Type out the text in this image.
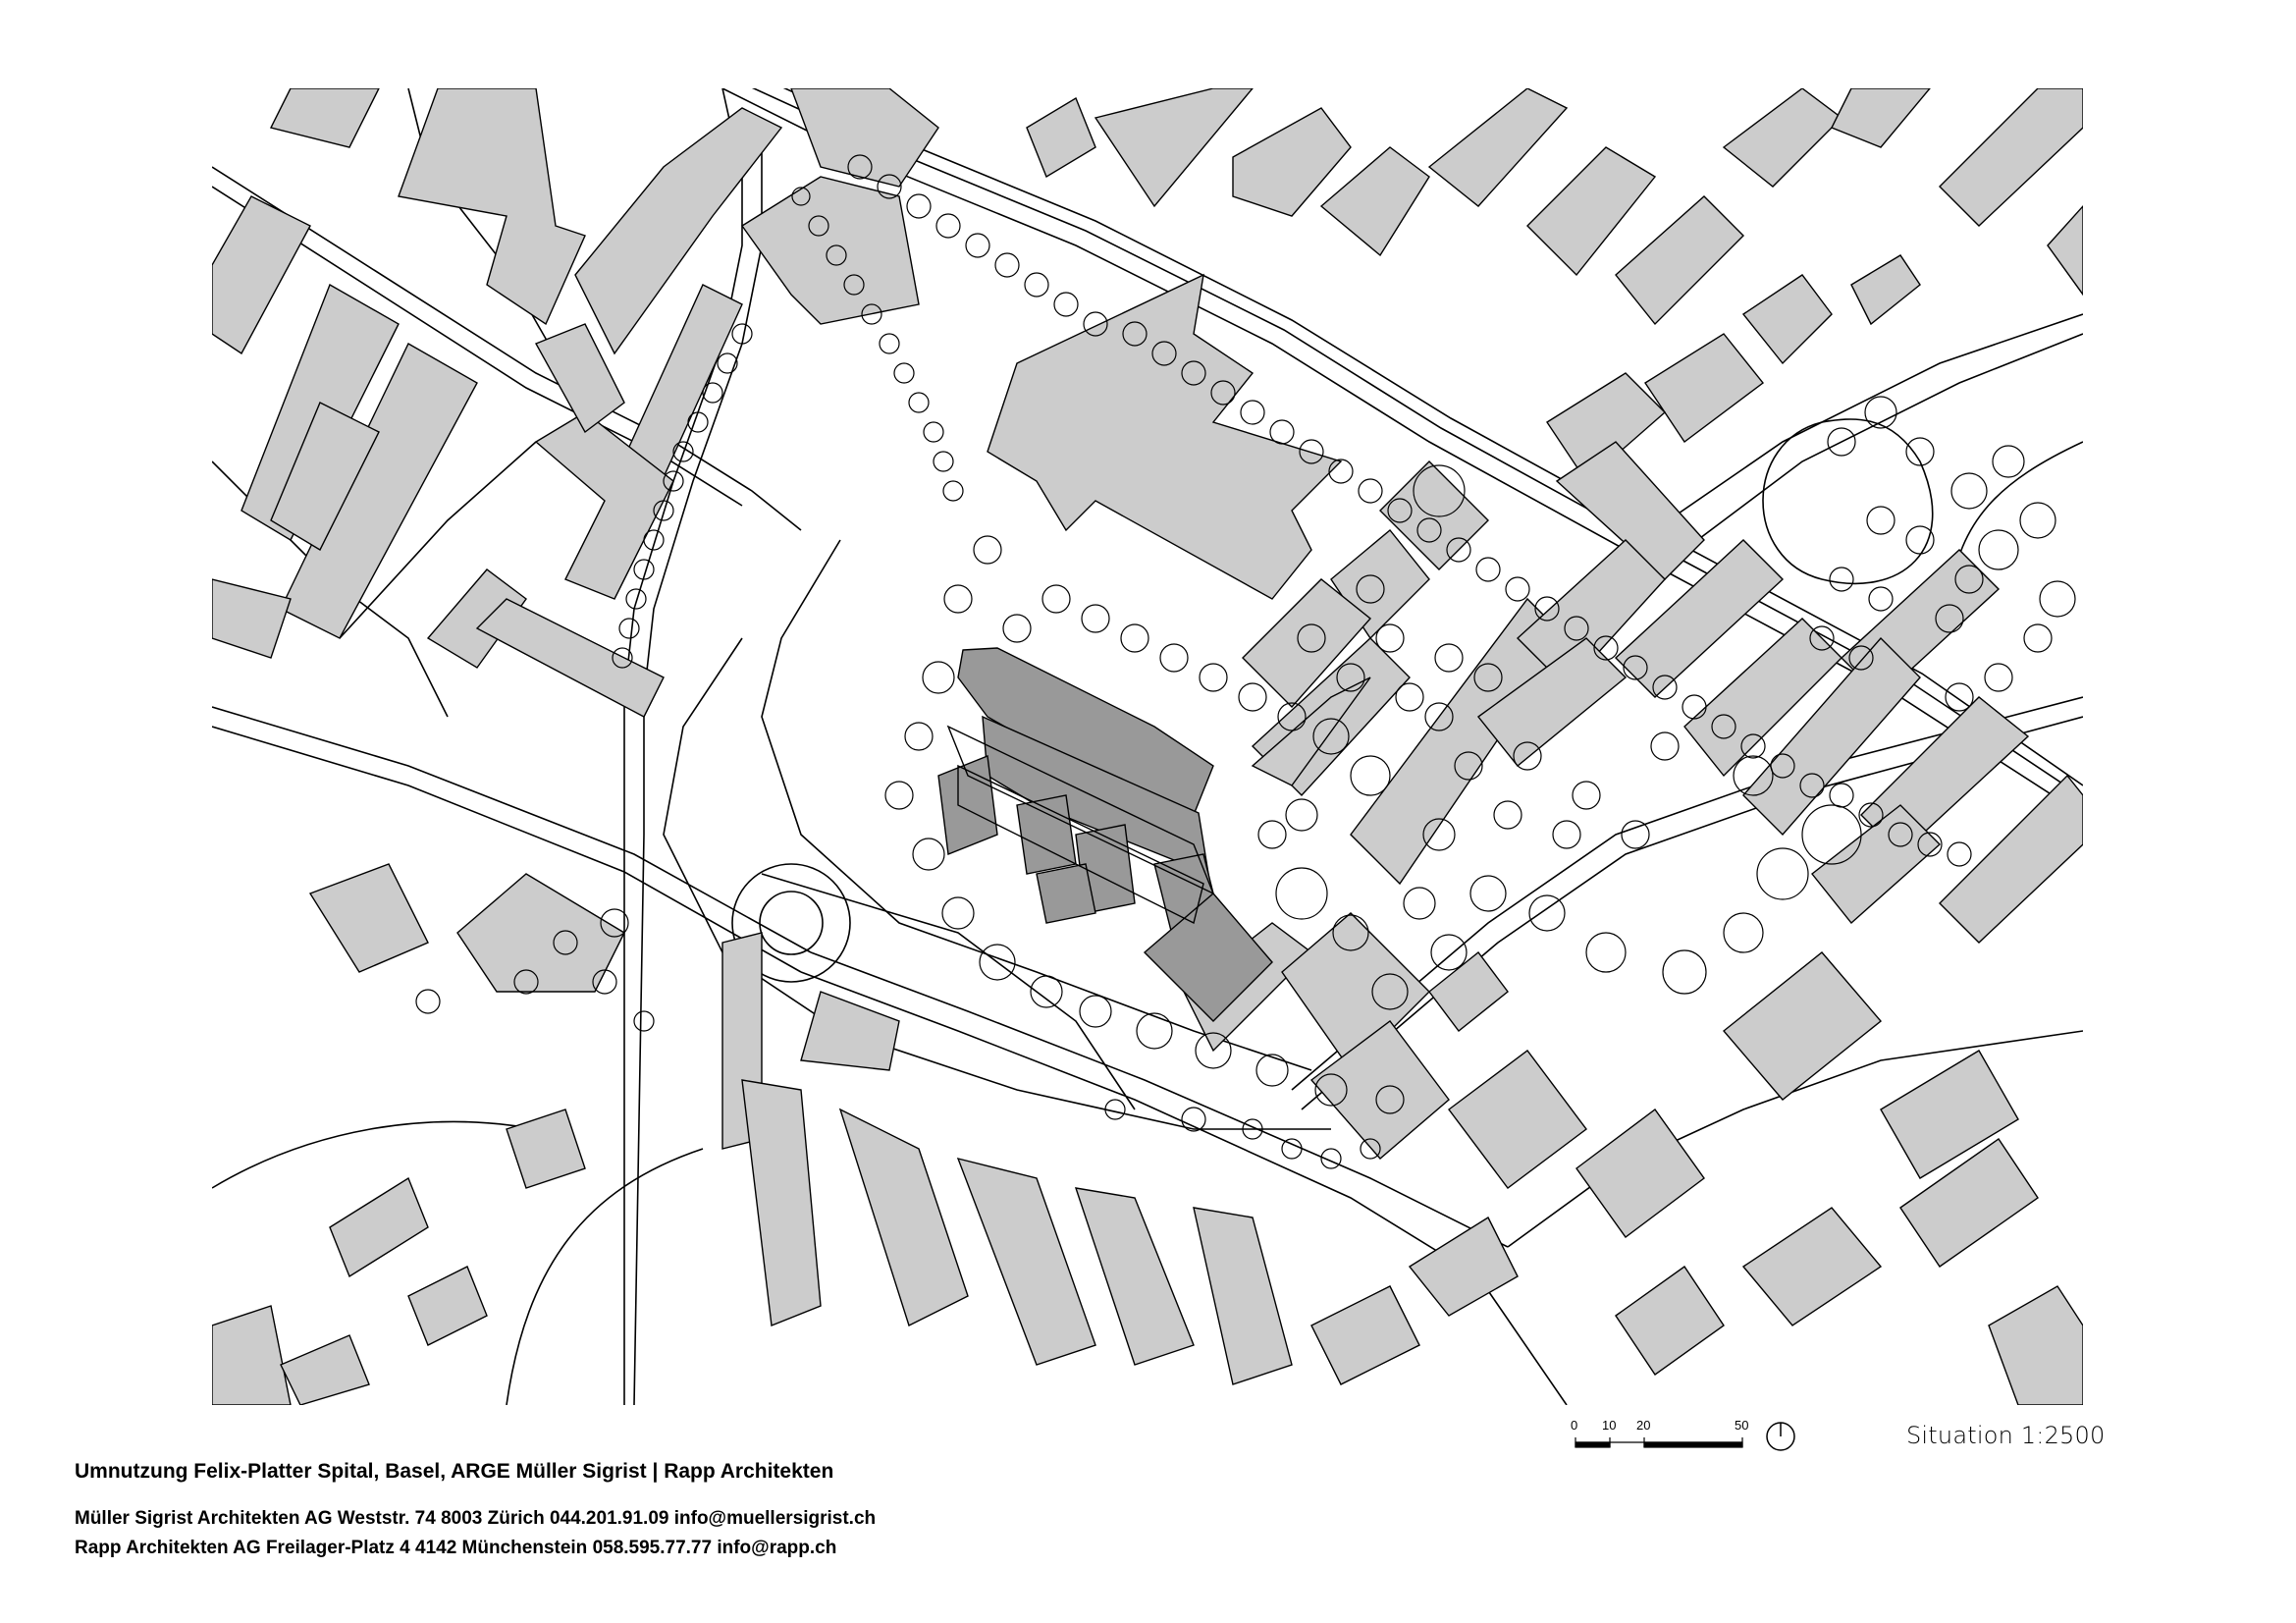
0 10 20	50	Situation 1:2500
Umnutzung Felix-Platter Spital, Basel, ARGE Müller Sigrist | Rapp Architekten
Müller Sigrist Architekten AG Weststr. 74 8003 Zürich 044.201.91.09 info@muellersigrist.ch
Rapp Architekten AG Freilager-Platz 4 4142 Münchenstein 058.595.77.77 info@rapp.ch
